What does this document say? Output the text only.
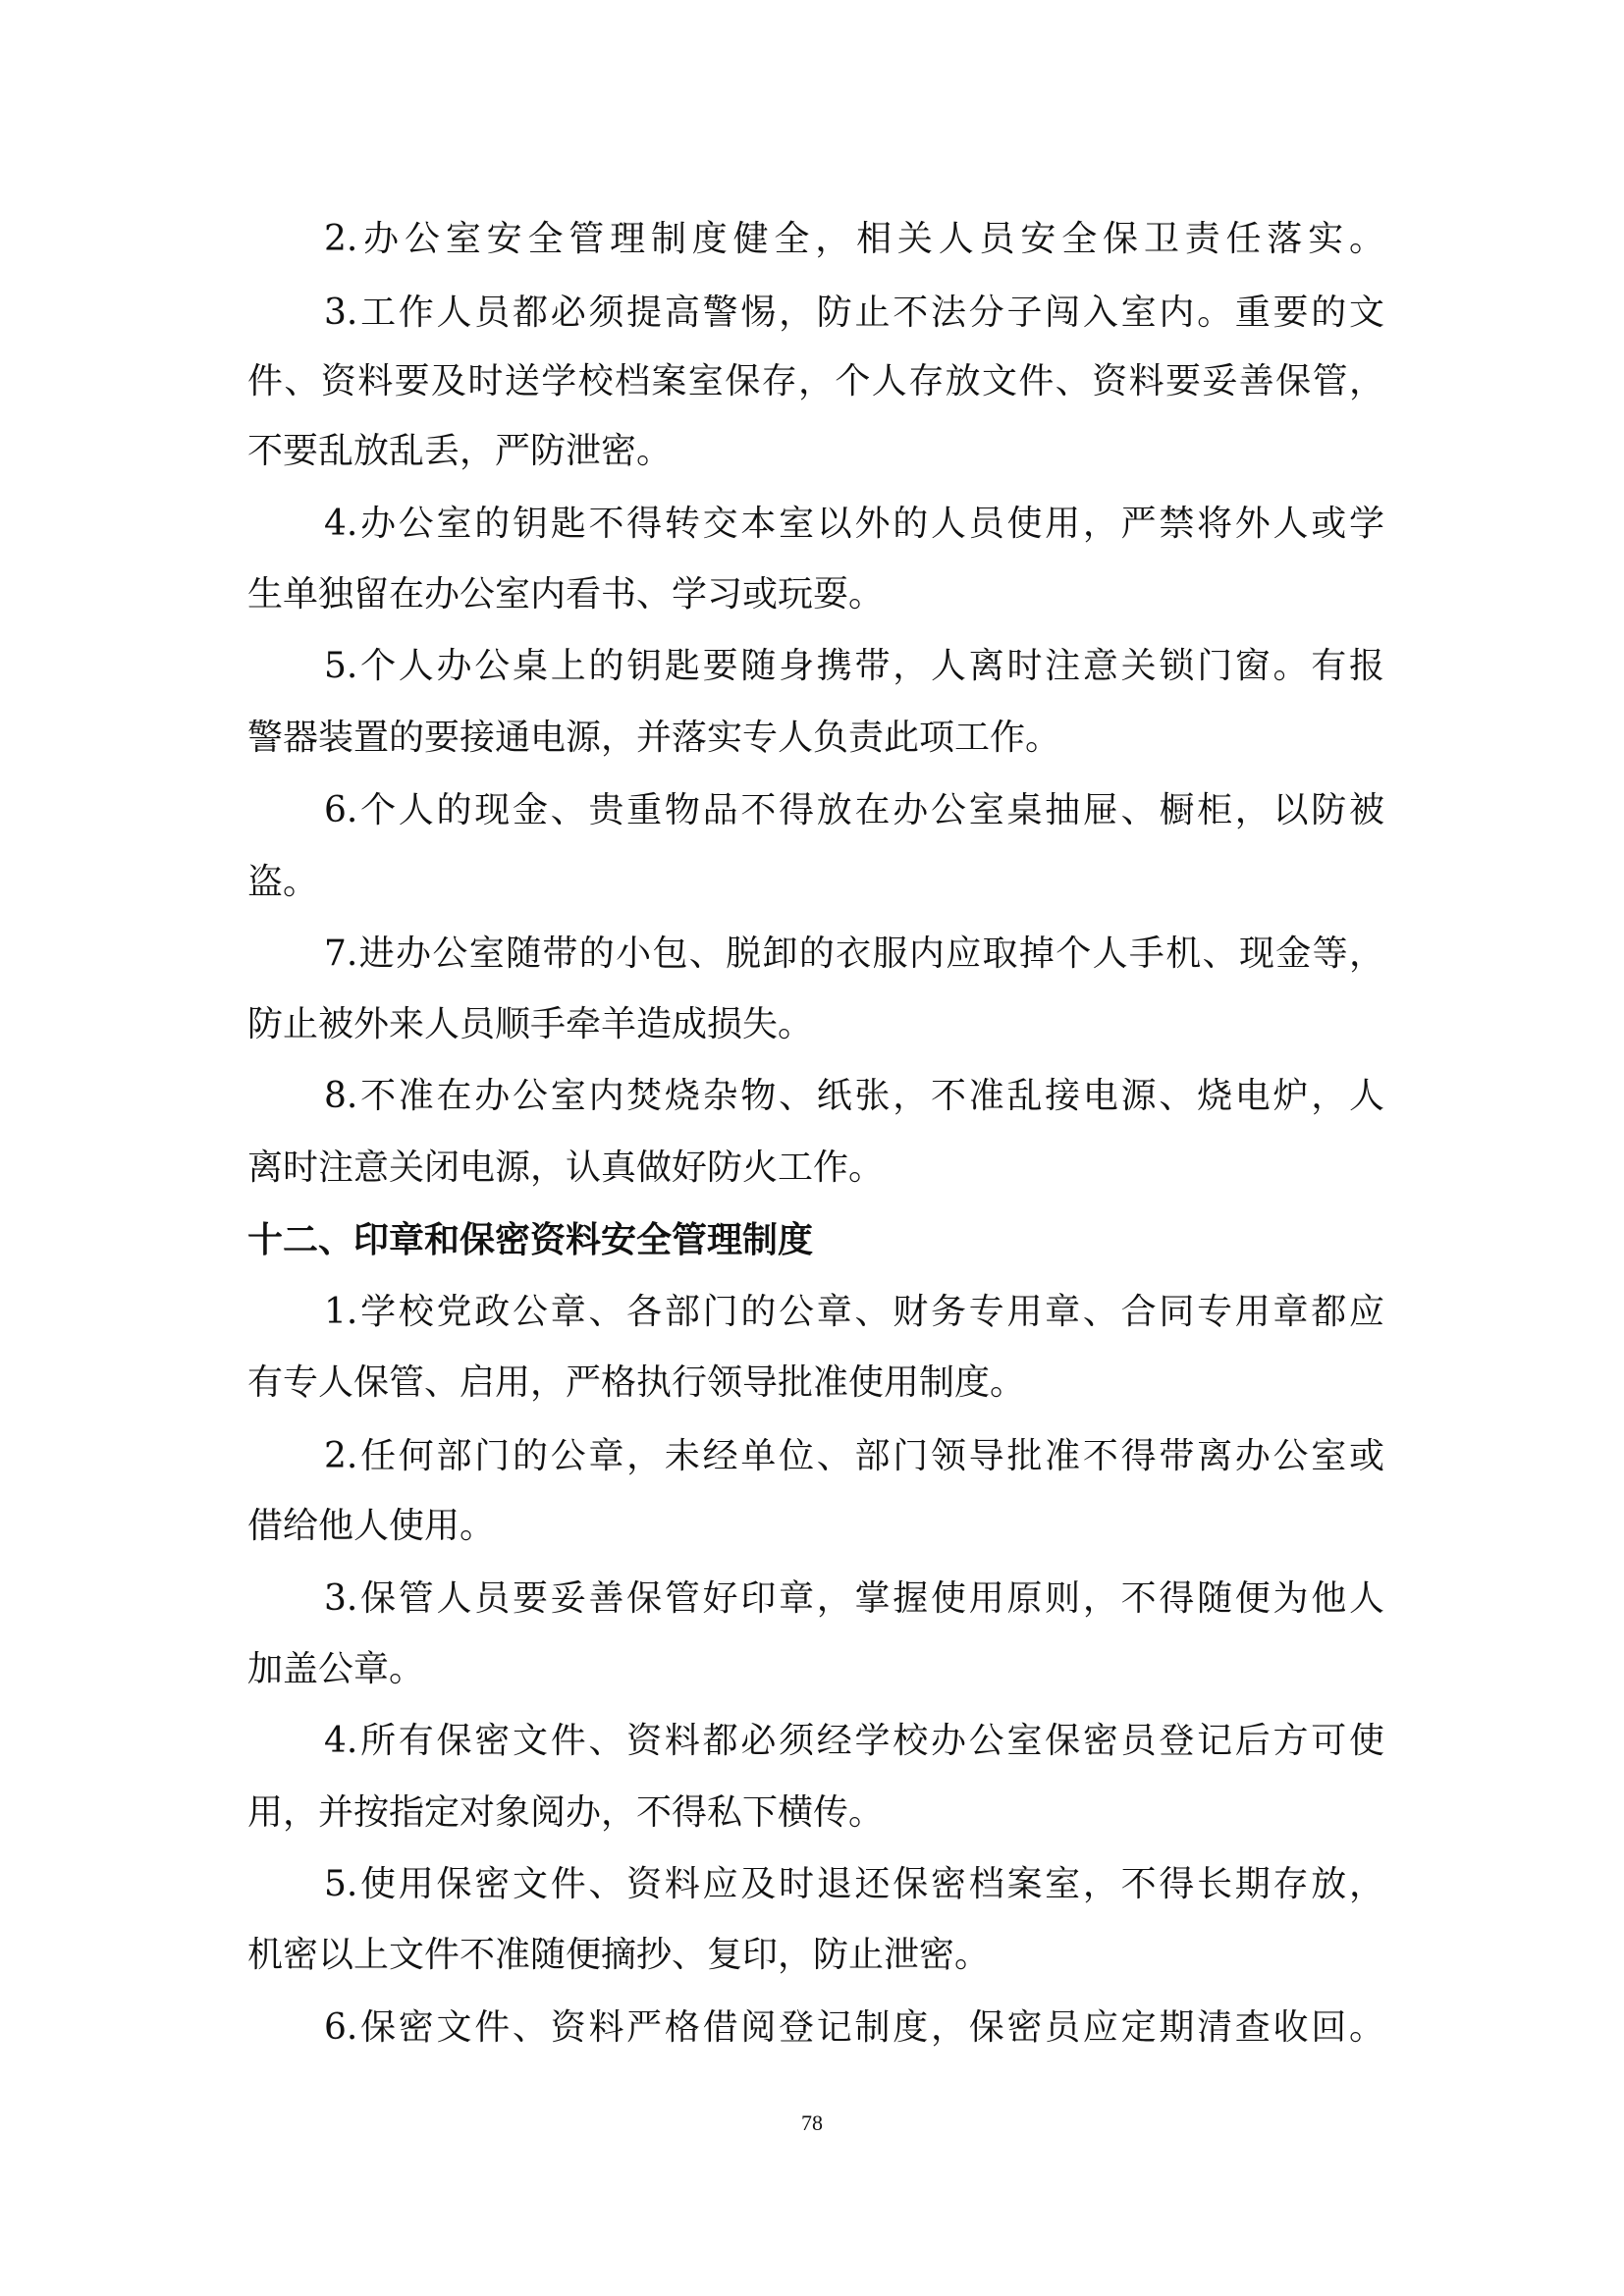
2.办公室安全管理制度健全，相关人员安全保卫责任落实。
3.工作人员都必须提高警惕，防止不法分子闯入室内。重要的文
件、资料要及时送学校档案室保存，个人存放文件、资料要妥善保管，
不要乱放乱丢，严防泄密。
4.办公室的钥匙不得转交本室以外的人员使用，严禁将外人或学
生单独留在办公室内看书、学习或玩耍。
5.个人办公桌上的钥匙要随身携带，人离时注意关锁门窗。有报
警器装置的要接通电源，并落实专人负责此项工作。
6.个人的现金、贵重物品不得放在办公室桌抽屉、橱柜，以防被
盗。
7.进办公室随带的小包、脱卸的衣服内应取掉个人手机、现金等，
防止被外来人员顺手牵羊造成损失。
8.不准在办公室内焚烧杂物、纸张，不准乱接电源、烧电炉，人
离时注意关闭电源，认真做好防火工作。
十二、印章和保密资料安全管理制度
1.学校党政公章、各部门的公章、财务专用章、合同专用章都应
有专人保管、启用，严格执行领导批准使用制度。
2.任何部门的公章，未经单位、部门领导批准不得带离办公室或
借给他人使用。
3.保管人员要妥善保管好印章，掌握使用原则，不得随便为他人
加盖公章。
4.所有保密文件、资料都必须经学校办公室保密员登记后方可使
用，并按指定对象阅办，不得私下横传。
5.使用保密文件、资料应及时退还保密档案室，不得长期存放，
机密以上文件不准随便摘抄、复印，防止泄密。
6.保密文件、资料严格借阅登记制度，保密员应定期清查收回。
78
